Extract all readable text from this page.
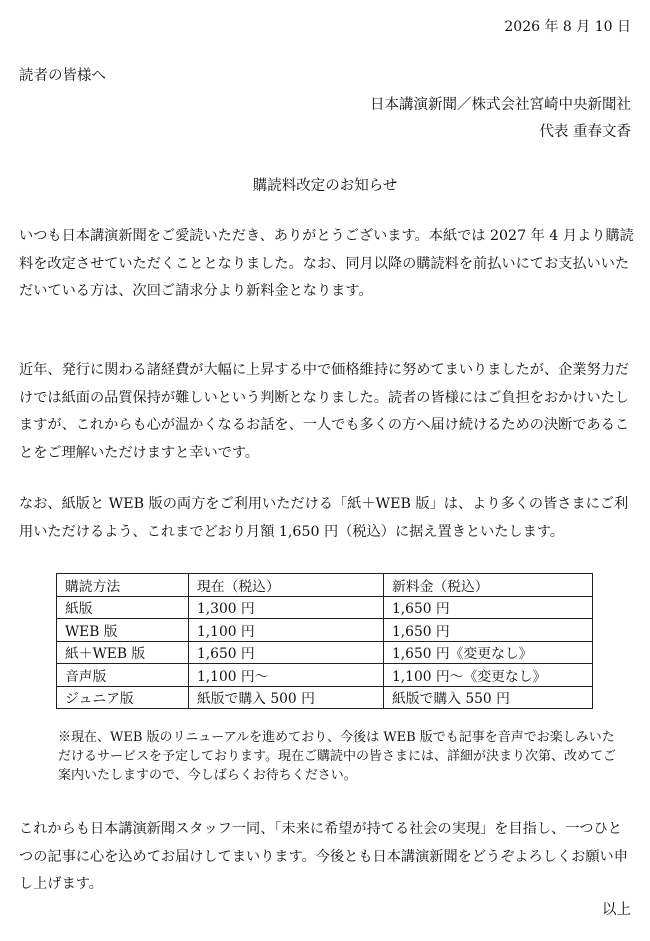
2026 年 8 月 10 日
読者の皆様へ
日本講演新聞／株式会社宮崎中央新聞社
代表 重春文香
購読料改定のお知らせ
いつも日本講演新聞をご愛読いただき、ありがとうございます。本紙では 2027 年 4 月より購読料を改定させていただくこととなりました。なお、同月以降の購読料を前払いにてお支払いいただいている方は、次回ご請求分より新料金となります。
近年、発行に関わる諸経費が大幅に上昇する中で価格維持に努めてまいりましたが、企業努力だけでは紙面の品質保持が難しいという判断となりました。読者の皆様にはご負担をおかけいたしますが、これからも心が温かくなるお話を、一人でも多くの方へ届け続けるための決断であることをご理解いただけますと幸いです。
なお、紙版と WEB 版の両方をご利用いただける「紙＋WEB 版」は、より多くの皆さまにご利用いただけるよう、これまでどおり月額 1,650 円（税込）に据え置きといたします。
購読方法	現在（税込）	新料金（税込）
紙版	1,300 円	1,650 円
WEB 版	1,100 円	1,650 円
紙＋WEB 版	1,650 円	1,650 円《変更なし》
音声版	1,100 円〜	1,100 円〜《変更なし》
ジュニア版	紙版で購入 500 円	紙版で購入 550 円
※現在、WEB 版のリニューアルを進めており、今後は WEB 版でも記事を音声でお楽しみいただけるサービスを予定しております。現在ご購読中の皆さまには、詳細が決まり次第、改めてご案内いたしますので、今しばらくお待ちください。
これからも日本講演新聞スタッフ一同、「未来に希望が持てる社会の実現」を目指し、一つひとつの記事に心を込めてお届けしてまいります。今後とも日本講演新聞をどうぞよろしくお願い申し上げます。
以上
